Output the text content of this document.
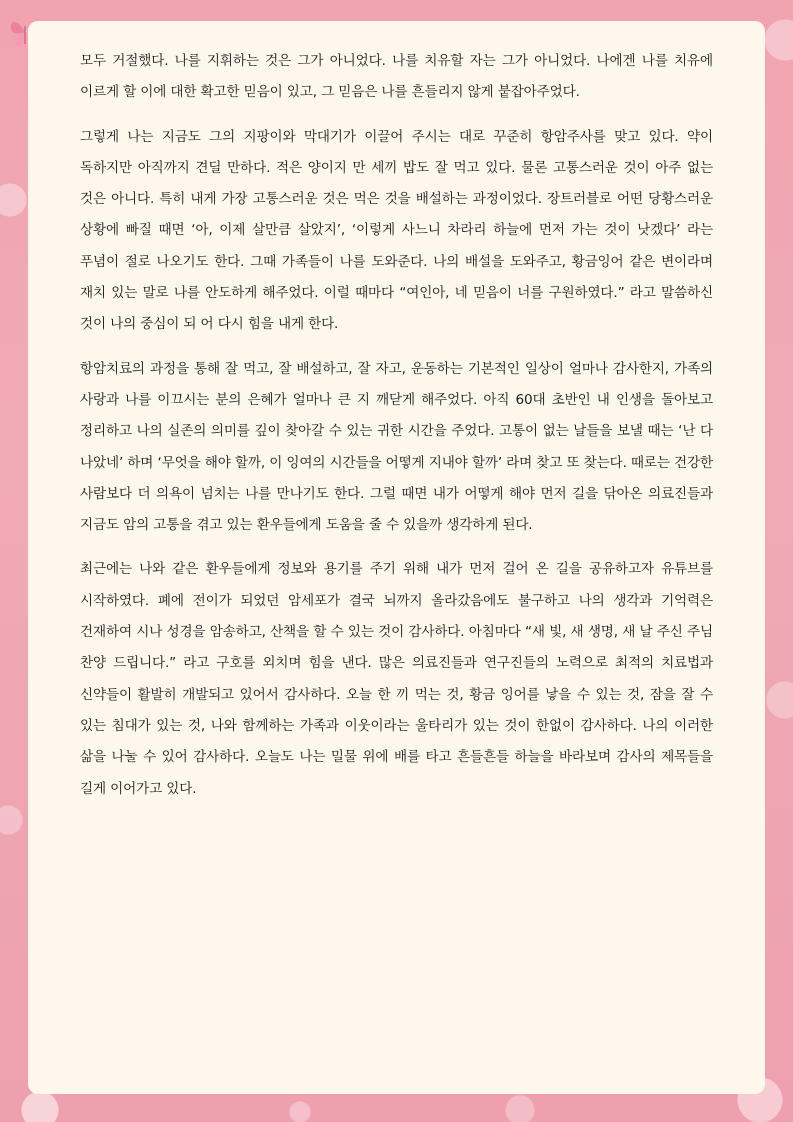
모두 거절했다. 나를 지휘하는 것은 그가 아니었다. 나를 치유할 자는 그가 아니었다. 나에겐 나를 치유에 이르게 할 이에 대한 확고한 믿음이 있고, 그 믿음은 나를 흔들리지 않게 붙잡아주었다.

그렇게 나는 지금도 그의 지팡이와 막대기가 이끌어 주시는 대로 꾸준히 항암주사를 맞고 있다. 약이 독하지만 아직까지 견딜 만하다. 적은 양이지 만 세끼 밥도 잘 먹고 있다. 물론 고통스러운 것이 아주 없는 것은 아니다. 특히 내게 가장 고통스러운 것은 먹은 것을 배설하는 과정이었다. 장트러블로 어떤 당황스러운 상황에 빠질 때면 ‘아, 이제 살만큼 살았지’, ‘이렇게 사느니 차라리 하늘에 먼저 가는 것이 낫겠다’ 라는 푸념이 절로 나오기도 한다. 그때 가족들이 나를 도와준다. 나의 배설을 도와주고, 황금잉어 같은 변이라며 재치 있는 말로 나를 안도하게 해주었다. 이럴 때마다 “여인아, 네 믿음이 너를 구원하였다.” 라고 말씀하신 것이 나의 중심이 되 어 다시 힘을 내게 한다.

항암치료의 과정을 통해 잘 먹고, 잘 배설하고, 잘 자고, 운동하는 기본적인 일상이 얼마나 감사한지, 가족의 사랑과 나를 이끄시는 분의 은혜가 얼마나 큰 지 깨닫게 해주었다. 아직 60대 초반인 내 인생을 돌아보고 정리하고 나의 실존의 의미를 깊이 찾아갈 수 있는 귀한 시간을 주었다. 고통이 없는 날들을 보낼 때는 ‘난 다 나았네’ 하며 ‘무엇을 해야 할까, 이 잉여의 시간들을 어떻게 지내야 할까’ 라며 찾고 또 찾는다. 때로는 건강한 사람보다 더 의욕이 넘치는 나를 만나기도 한다. 그럴 때면 내가 어떻게 해야 먼저 길을 닦아온 의료진들과 지금도 암의 고통을 겪고 있는 환우들에게 도움을 줄 수 있을까 생각하게 된다.

최근에는 나와 같은 환우들에게 정보와 용기를 주기 위해 내가 먼저 걸어 온 길을 공유하고자 유튜브를 시작하였다. 폐에 전이가 되었던 암세포가 결국 뇌까지 올라갔음에도 불구하고 나의 생각과 기억력은 건재하여 시나 성경을 암송하고, 산책을 할 수 있는 것이 감사하다. 아침마다 “새 빛, 새 생명, 새 날 주신 주님 찬양 드립니다.” 라고 구호를 외치며 힘을 낸다. 많은 의료진들과 연구진들의 노력으로 최적의 치료법과 신약들이 활발히 개발되고 있어서 감사하다. 오늘 한 끼 먹는 것, 황금 잉어를 낳을 수 있는 것, 잠을 잘 수 있는 침대가 있는 것, 나와 함께하는 가족과 이웃이라는 울타리가 있는 것이 한없이 감사하다. 나의 이러한 삶을 나눌 수 있어 감사하다. 오늘도 나는 밀물 위에 배를 타고 흔들흔들 하늘을 바라보며 감사의 제목들을 길게 이어가고 있다.
